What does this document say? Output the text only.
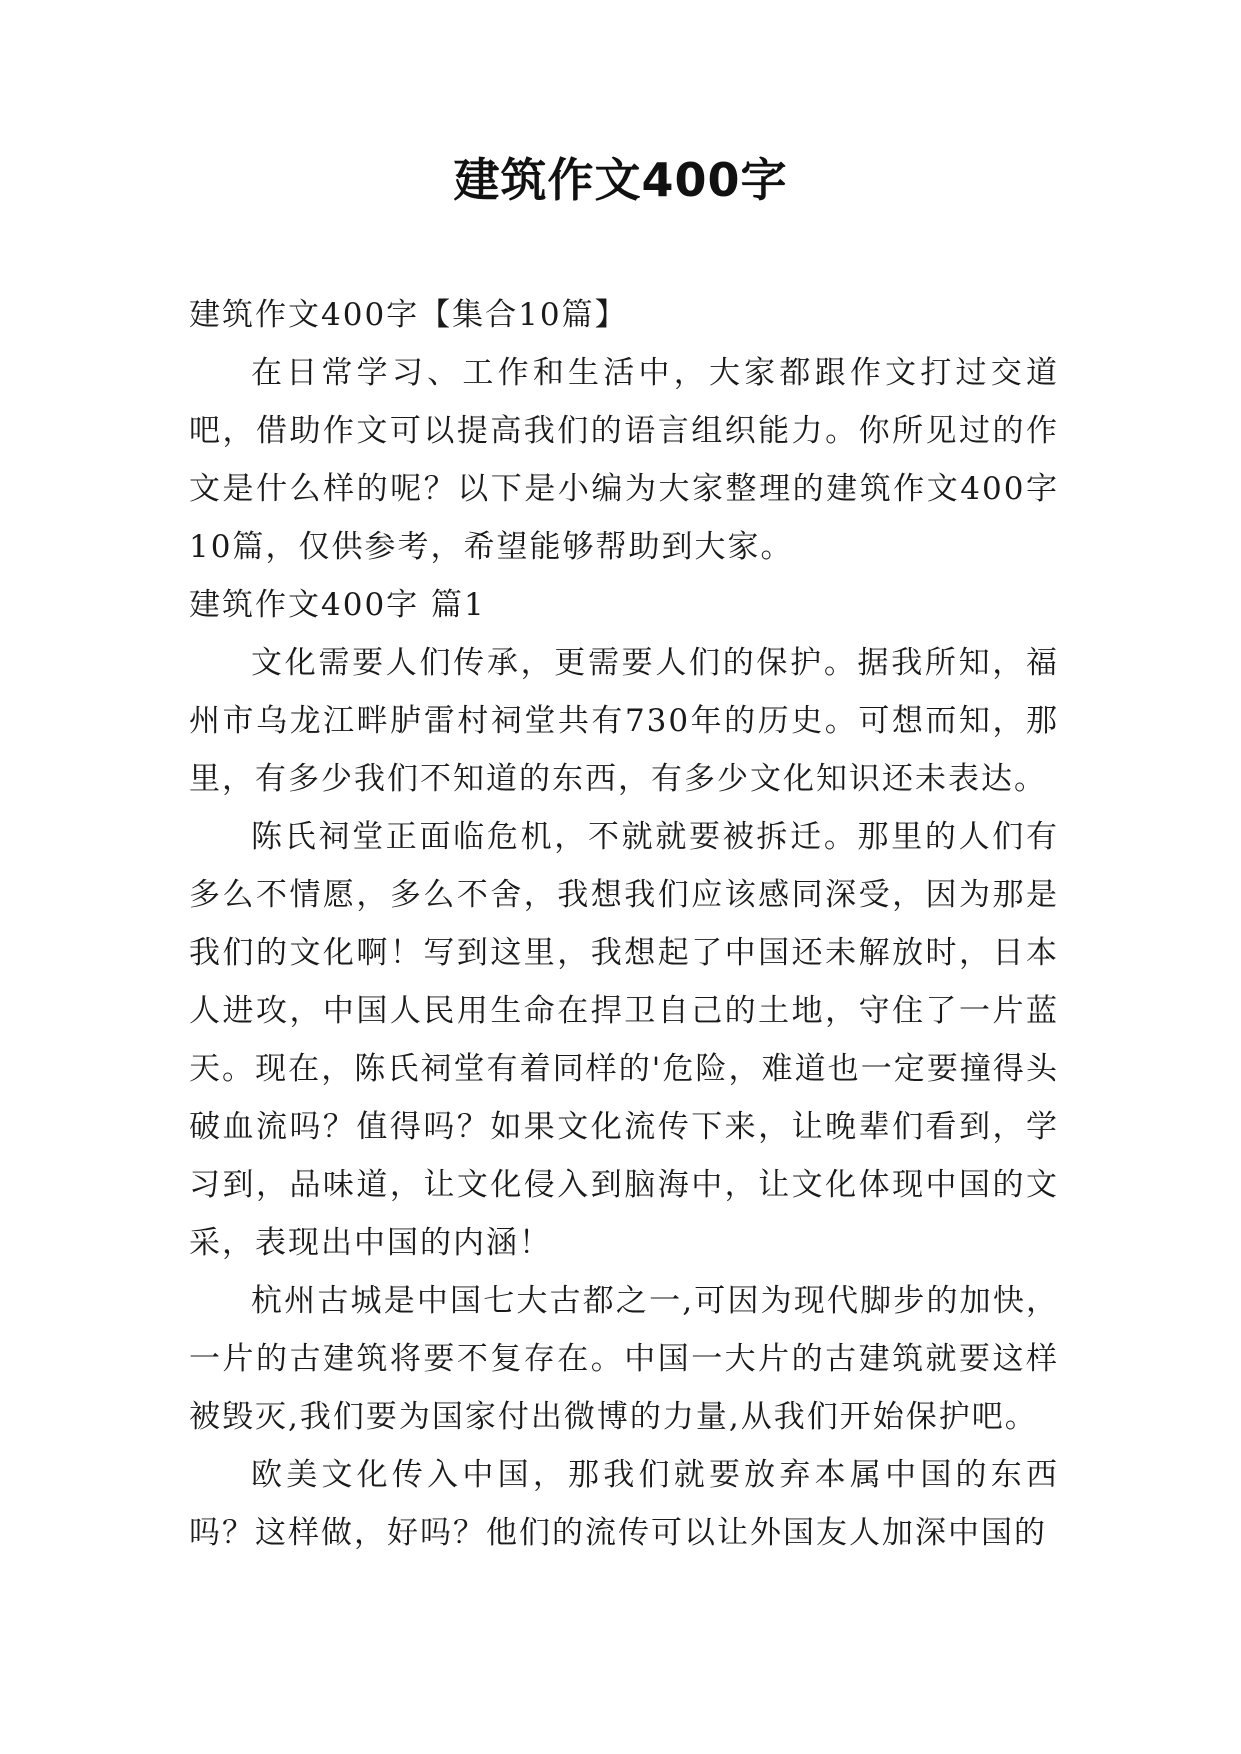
建筑作文400字

建筑作文400字【集合10篇】

在日常学习、工作和生活中，大家都跟作文打过交道吧，借助作文可以提高我们的语言组织能力。你所见过的作文是什么样的呢？以下是小编为大家整理的建筑作文400字10篇，仅供参考，希望能够帮助到大家。

建筑作文400字 篇1

文化需要人们传承，更需要人们的保护。据我所知，福州市乌龙江畔胪雷村祠堂共有730年的历史。可想而知，那里，有多少我们不知道的东西，有多少文化知识还未表达。

陈氏祠堂正面临危机，不就就要被拆迁。那里的人们有多么不情愿，多么不舍，我想我们应该感同深受，因为那是我们的文化啊！写到这里，我想起了中国还未解放时，日本人进攻，中国人民用生命在捍卫自己的土地，守住了一片蓝天。现在，陈氏祠堂有着同样的'危险，难道也一定要撞得头破血流吗？值得吗？如果文化流传下来，让晚辈们看到，学习到，品味道，让文化侵入到脑海中，让文化体现中国的文采，表现出中国的内涵！

杭州古城是中国七大古都之一,可因为现代脚步的加快，一片的古建筑将要不复存在。中国一大片的古建筑就要这样被毁灭,我们要为国家付出微博的力量,从我们开始保护吧。

欧美文化传入中国，那我们就要放弃本属中国的东西吗？这样做，好吗？他们的流传可以让外国友人加深中国的
